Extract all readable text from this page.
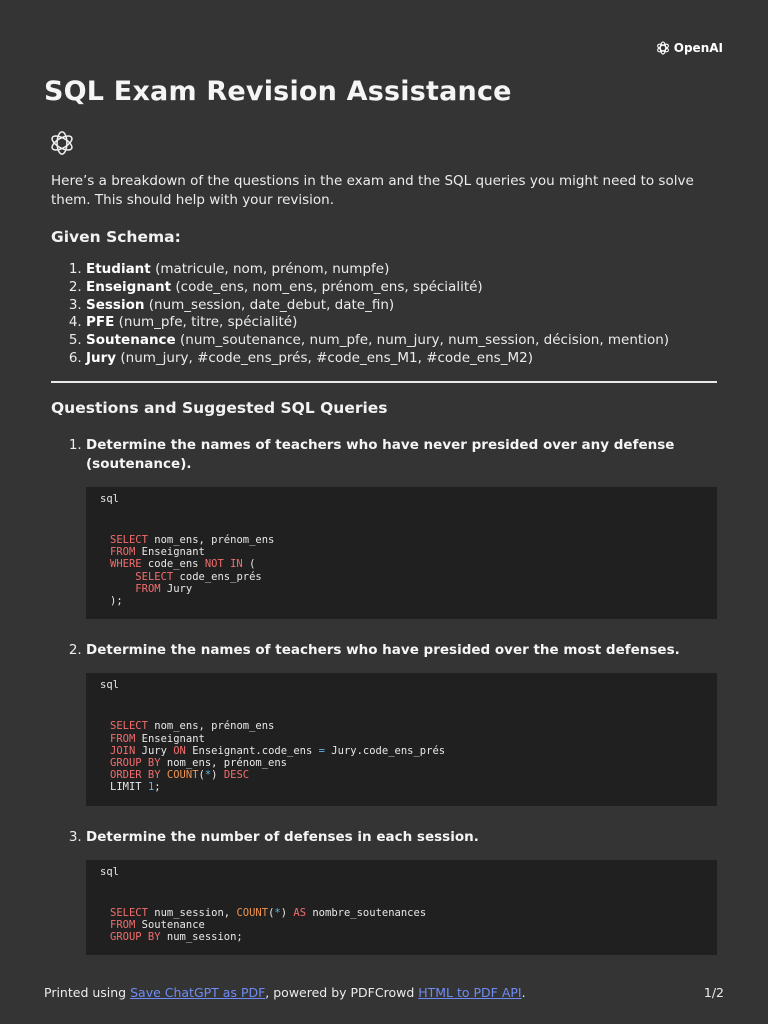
OpenAI
SQL Exam Revision Assistance

Here’s a breakdown of the questions in the exam and the SQL queries you might need to solve them. This should help with your revision.

Given Schema:
1. Etudiant (matricule, nom, prénom, numpfe)
2. Enseignant (code_ens, nom_ens, prénom_ens, spécialité)
3. Session (num_session, date_debut, date_fin)
4. PFE (num_pfe, titre, spécialité)
5. Soutenance (num_soutenance, num_pfe, num_jury, num_session, décision, mention)
6. Jury (num_jury, #code_ens_prés, #code_ens_M1, #code_ens_M2)
Questions and Suggested SQL Queries
1. Determine the names of teachers who have never presided over any defense (soutenance).
sql
SELECT nom_ens, prénom_ens
FROM Enseignant
WHERE code_ens NOT IN (
SELECT code_ens_prés
FROM Jury
);
2. Determine the names of teachers who have presided over the most defenses.
sql
SELECT nom_ens, prénom_ens
FROM Enseignant
JOIN Jury ON Enseignant.code_ens = Jury.code_ens_prés
GROUP BY nom_ens, prénom_ens
ORDER BY COUNT(*) DESC
LIMIT 1;
3. Determine the number of defenses in each session.
sql
SELECT num_session, COUNT(*) AS nombre_soutenances
FROM Soutenance
GROUP BY num_session;
Printed using Save ChatGPT as PDF, powered by PDFCrowd HTML to PDF API.	1/2
